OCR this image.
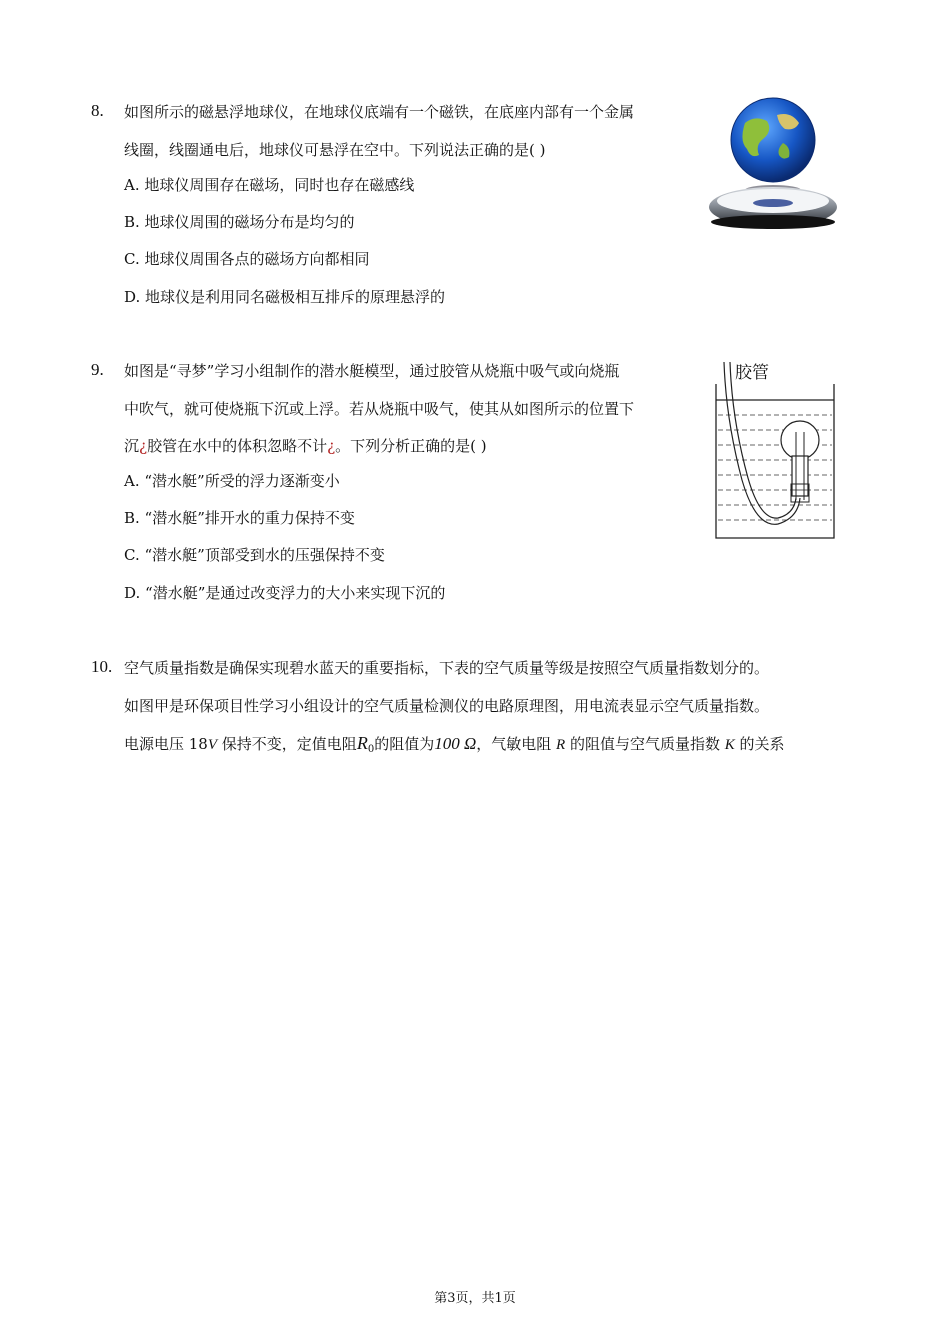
8. 如图所示的磁悬浮地球仪，在地球仪底端有一个磁铁，在底座内部有一个金属
线圈，线圈通电后，地球仪可悬浮在空中。下列说法正确的是( )
A. 地球仪周围存在磁场，同时也存在磁感线
B. 地球仪周围的磁场分布是均匀的
C. 地球仪周围各点的磁场方向都相同
D. 地球仪是利用同名磁极相互排斥的原理悬浮的
9. 如图是“寻梦”学习小组制作的潜水艇模型，通过胶管从烧瓶中吸气或向烧瓶
中吹气，就可使烧瓶下沉或上浮。若从烧瓶中吸气，使其从如图所示的位置下
沉¿胶管在水中的体积忽略不计¿。下列分析正确的是( )
A. “潜水艇”所受的浮力逐渐变小
B. “潜水艇”排开水的重力保持不变
C. “潜水艇”顶部受到水的压强保持不变
D. “潜水艇”是通过改变浮力的大小来实现下沉的
胶管
10. 空气质量指数是确保实现碧水蓝天的重要指标，下表的空气质量等级是按照空气质量指数划分的。
如图甲是环保项目性学习小组设计的空气质量检测仪的电路原理图，用电流表显示空气质量指数。
电源电压 18V 保持不变，定值电阻$R_0$的阻值为100 Ω，气敏电阻 R 的阻值与空气质量指数 K 的关系
第3页，共1页
